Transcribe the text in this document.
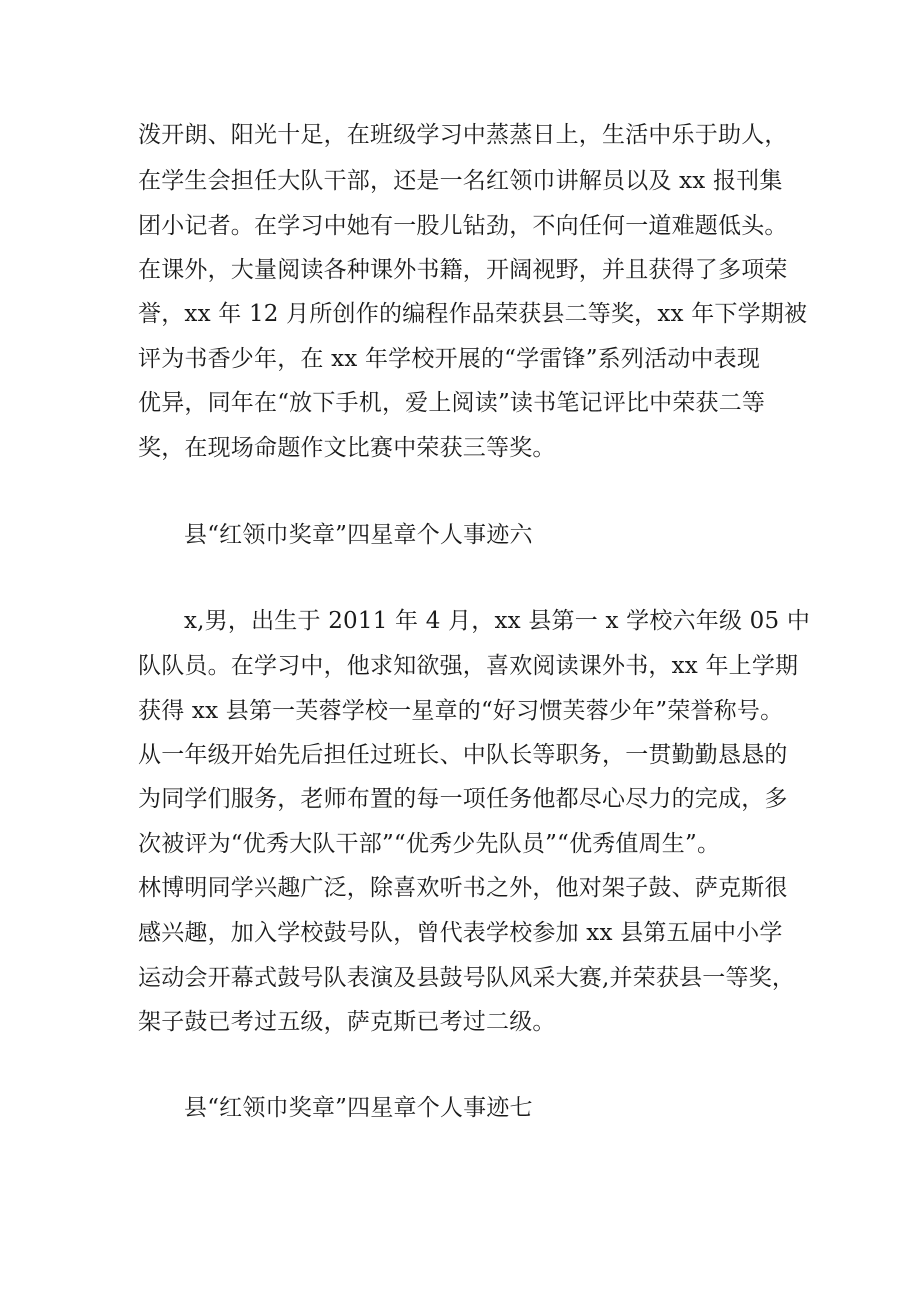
泼开朗、阳光十足，在班级学习中蒸蒸日上，生活中乐于助人，
在学生会担任大队干部，还是一名红领巾讲解员以及 xx 报刊集
团小记者。在学习中她有一股儿钻劲，不向任何一道难题低头。
在课外，大量阅读各种课外书籍，开阔视野，并且获得了多项荣
誉，xx 年 12 月所创作的编程作品荣获县二等奖，xx 年下学期被
评为书香少年，在 xx 年学校开展的“学雷锋”系列活动中表现
优异，同年在“放下手机，爱上阅读”读书笔记评比中荣获二等
奖，在现场命题作文比赛中荣获三等奖。
县“红领巾奖章”四星章个人事迹六
x,男，出生于 2011 年 4 月，xx 县第一 x 学校六年级 05 中
队队员。在学习中，他求知欲强，喜欢阅读课外书，xx 年上学期
获得 xx 县第一芙蓉学校一星章的“好习惯芙蓉少年”荣誉称号。
从一年级开始先后担任过班长、中队长等职务，一贯勤勤恳恳的
为同学们服务，老师布置的每一项任务他都尽心尽力的完成，多
次被评为“优秀大队干部”“优秀少先队员”“优秀值周生”。
林博明同学兴趣广泛，除喜欢听书之外，他对架子鼓、萨克斯很
感兴趣，加入学校鼓号队，曾代表学校参加 xx 县第五届中小学
运动会开幕式鼓号队表演及县鼓号队风采大赛,并荣获县一等奖，
架子鼓已考过五级，萨克斯已考过二级。
县“红领巾奖章”四星章个人事迹七
